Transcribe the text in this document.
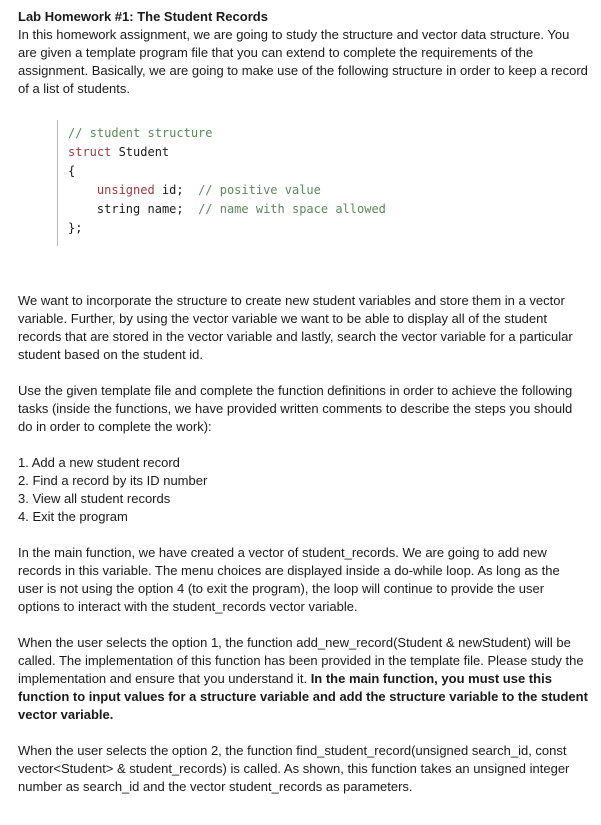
Lab Homework #1: The Student Records

In this homework assignment, we are going to study the structure and vector data structure. You are given a template program file that you can extend to complete the requirements of the assignment. Basically, we are going to make use of the following structure in order to keep a record of a list of students.

// student structure
struct Student
{
unsigned id;  // positive value
string name;  // name with space allowed
};

We want to incorporate the structure to create new student variables and store them in a vector variable. Further, by using the vector variable we want to be able to display all of the student records that are stored in the vector variable and lastly, search the vector variable for a particular student based on the student id.

Use the given template file and complete the function definitions in order to achieve the following tasks (inside the functions, we have provided written comments to describe the steps you should do in order to complete the work):

1. Add a new student record
2. Find a record by its ID number
3. View all student records
4. Exit the program

In the main function, we have created a vector of student_records. We are going to add new records in this variable. The menu choices are displayed inside a do-while loop. As long as the user is not using the option 4 (to exit the program), the loop will continue to provide the user options to interact with the student_records vector variable.

When the user selects the option 1, the function add_new_record(Student & newStudent) will be called. The implementation of this function has been provided in the template file. Please study the implementation and ensure that you understand it. In the main function, you must use this function to input values for a structure variable and add the structure variable to the student vector variable.

When the user selects the option 2, the function find_student_record(unsigned search_id, const vector<Student> & student_records) is called. As shown, this function takes an unsigned integer number as search_id and the vector student_records as parameters.
